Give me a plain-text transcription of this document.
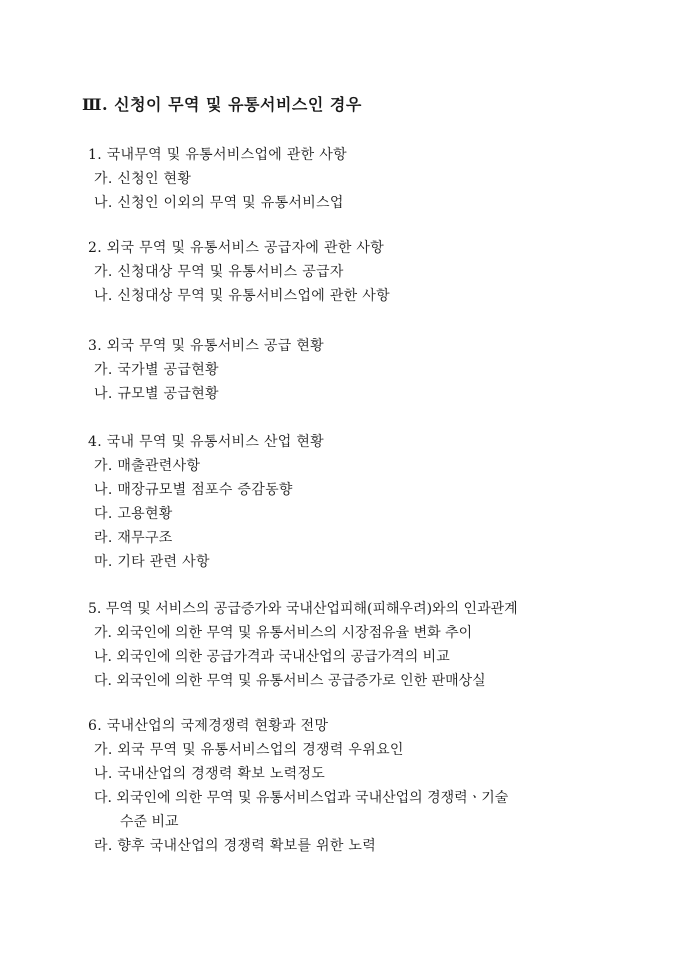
Ⅲ. 신청이 무역 및 유통서비스인 경우
1. 국내무역 및 유통서비스업에 관한 사항
가. 신청인 현황
나. 신청인 이외의 무역 및 유통서비스업
2. 외국 무역 및 유통서비스 공급자에 관한 사항
가. 신청대상 무역 및 유통서비스 공급자
나. 신청대상 무역 및 유통서비스업에 관한 사항
3. 외국 무역 및 유통서비스 공급 현황
가. 국가별 공급현황
나. 규모별 공급현황
4. 국내 무역 및 유통서비스 산업 현황
가. 매출관련사항
나. 매장규모별 점포수 증감동향
다. 고용현황
라. 재무구조
마. 기타 관련 사항
5. 무역 및 서비스의 공급증가와 국내산업피해(피해우려)와의 인과관계
가. 외국인에 의한 무역 및 유통서비스의 시장점유율 변화 추이
나. 외국인에 의한 공급가격과 국내산업의 공급가격의 비교
다. 외국인에 의한 무역 및 유통서비스 공급증가로 인한 판매상실
6. 국내산업의 국제경쟁력 현황과 전망
가. 외국 무역 및 유통서비스업의 경쟁력 우위요인
나. 국내산업의 경쟁력 확보 노력정도
다. 외국인에 의한 무역 및 유통서비스업과 국내산업의 경쟁력ㆍ기술
수준 비교
라. 향후 국내산업의 경쟁력 확보를 위한 노력
